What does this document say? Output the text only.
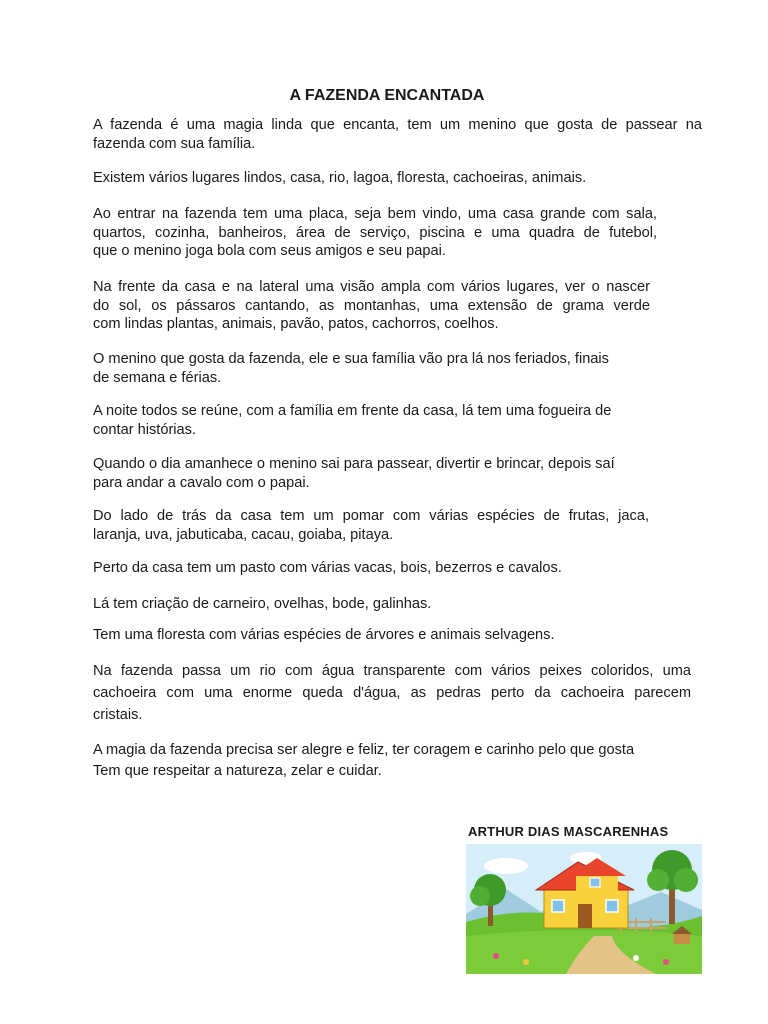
A FAZENDA ENCANTADA

A fazenda é uma magia linda que encanta, tem um menino que gosta de passear na
fazenda com sua família.

Existem vários lugares lindos, casa, rio, lagoa, floresta, cachoeiras, animais.

Ao entrar na fazenda tem uma placa, seja bem vindo, uma casa grande com sala,
quartos, cozinha, banheiros, área de serviço, piscina e uma quadra de futebol,
que o menino joga bola com seus amigos e seu papai.

Na frente da casa e na lateral uma visão ampla com vários lugares, ver o nascer
do sol, os pássaros cantando, as montanhas, uma extensão de grama verde
com lindas plantas, animais, pavão, patos, cachorros, coelhos.

O menino que gosta da fazenda, ele e sua família vão pra lá nos feriados, finais
de semana e férias.

A noite todos se reúne, com a família em frente da casa, lá tem uma fogueira de
contar histórias.

Quando o dia amanhece o menino sai para passear, divertir e brincar, depois saí
para andar a cavalo com o papai.

Do lado de trás da casa tem um pomar com várias espécies de frutas, jaca,
laranja, uva, jabuticaba, cacau, goiaba, pitaya.

Perto da casa tem um pasto com várias vacas, bois, bezerros e cavalos.

Lá tem criação de carneiro, ovelhas, bode, galinhas.

Tem uma floresta com várias espécies de árvores e animais selvagens.

Na fazenda passa um rio com água transparente com vários peixes coloridos, uma
cachoeira com uma enorme queda d'água, as pedras perto da cachoeira parecem
cristais.

A magia da fazenda precisa ser alegre e feliz, ter coragem e carinho pelo que gosta
Tem que respeitar a natureza, zelar e cuidar.

ARTHUR DIAS MASCARENHAS
